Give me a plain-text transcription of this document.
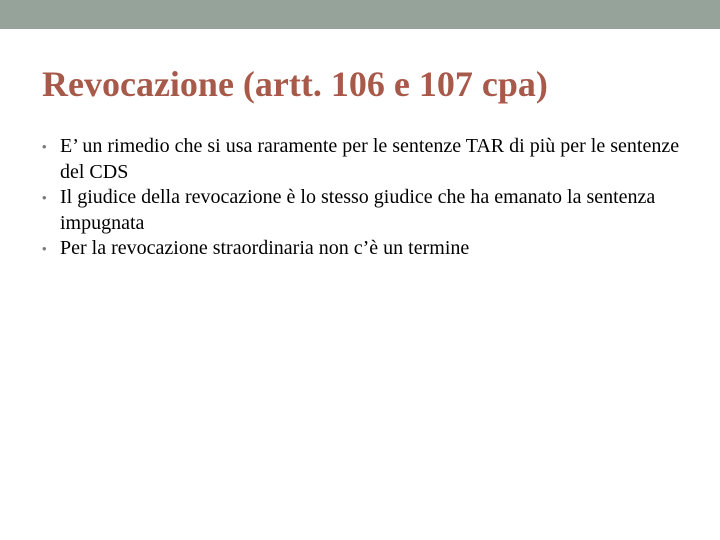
Revocazione (artt. 106 e 107 cpa)
• E’ un rimedio che si usa raramente per le sentenze TAR di più per le sentenze del CDS
• Il giudice della revocazione è lo stesso giudice che ha emanato la sentenza impugnata
• Per la revocazione straordinaria non c’è un termine
